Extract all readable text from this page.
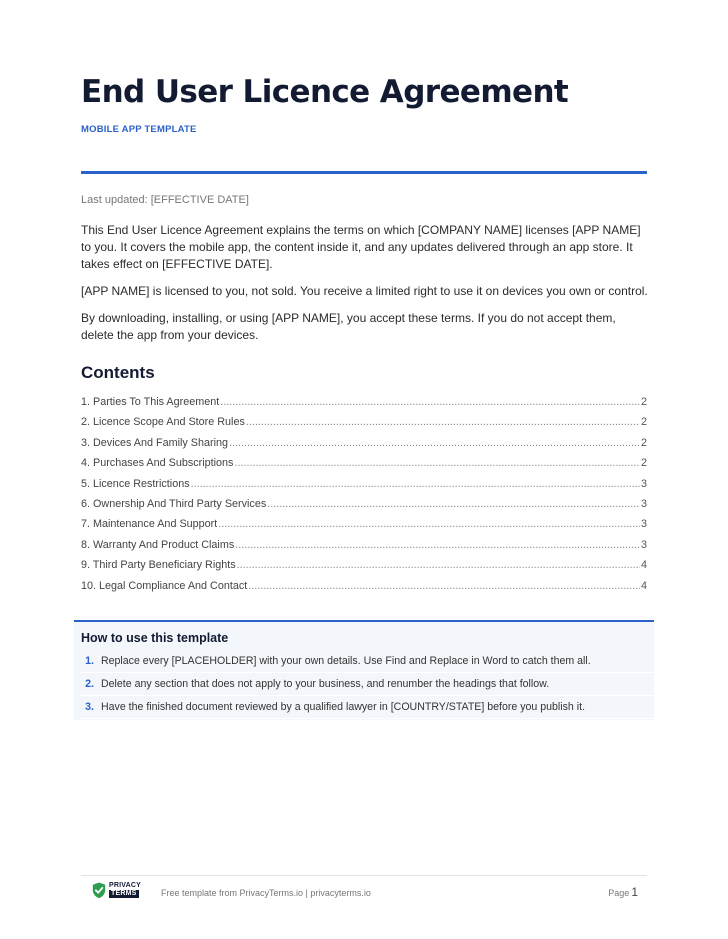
End User Licence Agreement
MOBILE APP TEMPLATE
Last updated: [EFFECTIVE DATE]

This End User Licence Agreement explains the terms on which [COMPANY NAME] licenses [APP NAME] to you. It covers the mobile app, the content inside it, and any updates delivered through an app store. It takes effect on [EFFECTIVE DATE].

[APP NAME] is licensed to you, not sold. You receive a limited right to use it on devices you own or control.

By downloading, installing, or using [APP NAME], you accept these terms. If you do not accept them, delete the app from your devices.

Contents
1. Parties To This Agreement .....	2
2. Licence Scope And Store Rules .....	2
3. Devices And Family Sharing .....	2
4. Purchases And Subscriptions .....	2
5. Licence Restrictions .....	3
6. Ownership And Third Party Services .....	3
7. Maintenance And Support .....	3
8. Warranty And Product Claims .....	3
9. Third Party Beneficiary Rights .....	4
10. Legal Compliance And Contact .....	4
How to use this template
1. Replace every [PLACEHOLDER] with your own details. Use Find and Replace in Word to catch them all.
2. Delete any section that does not apply to your business, and renumber the headings that follow.
3. Have the finished document reviewed by a qualified lawyer in [COUNTRY/STATE] before you publish it.
PRIVACY
TERMS	Free template from PrivacyTerms.io | privacyterms.io	Page 1
